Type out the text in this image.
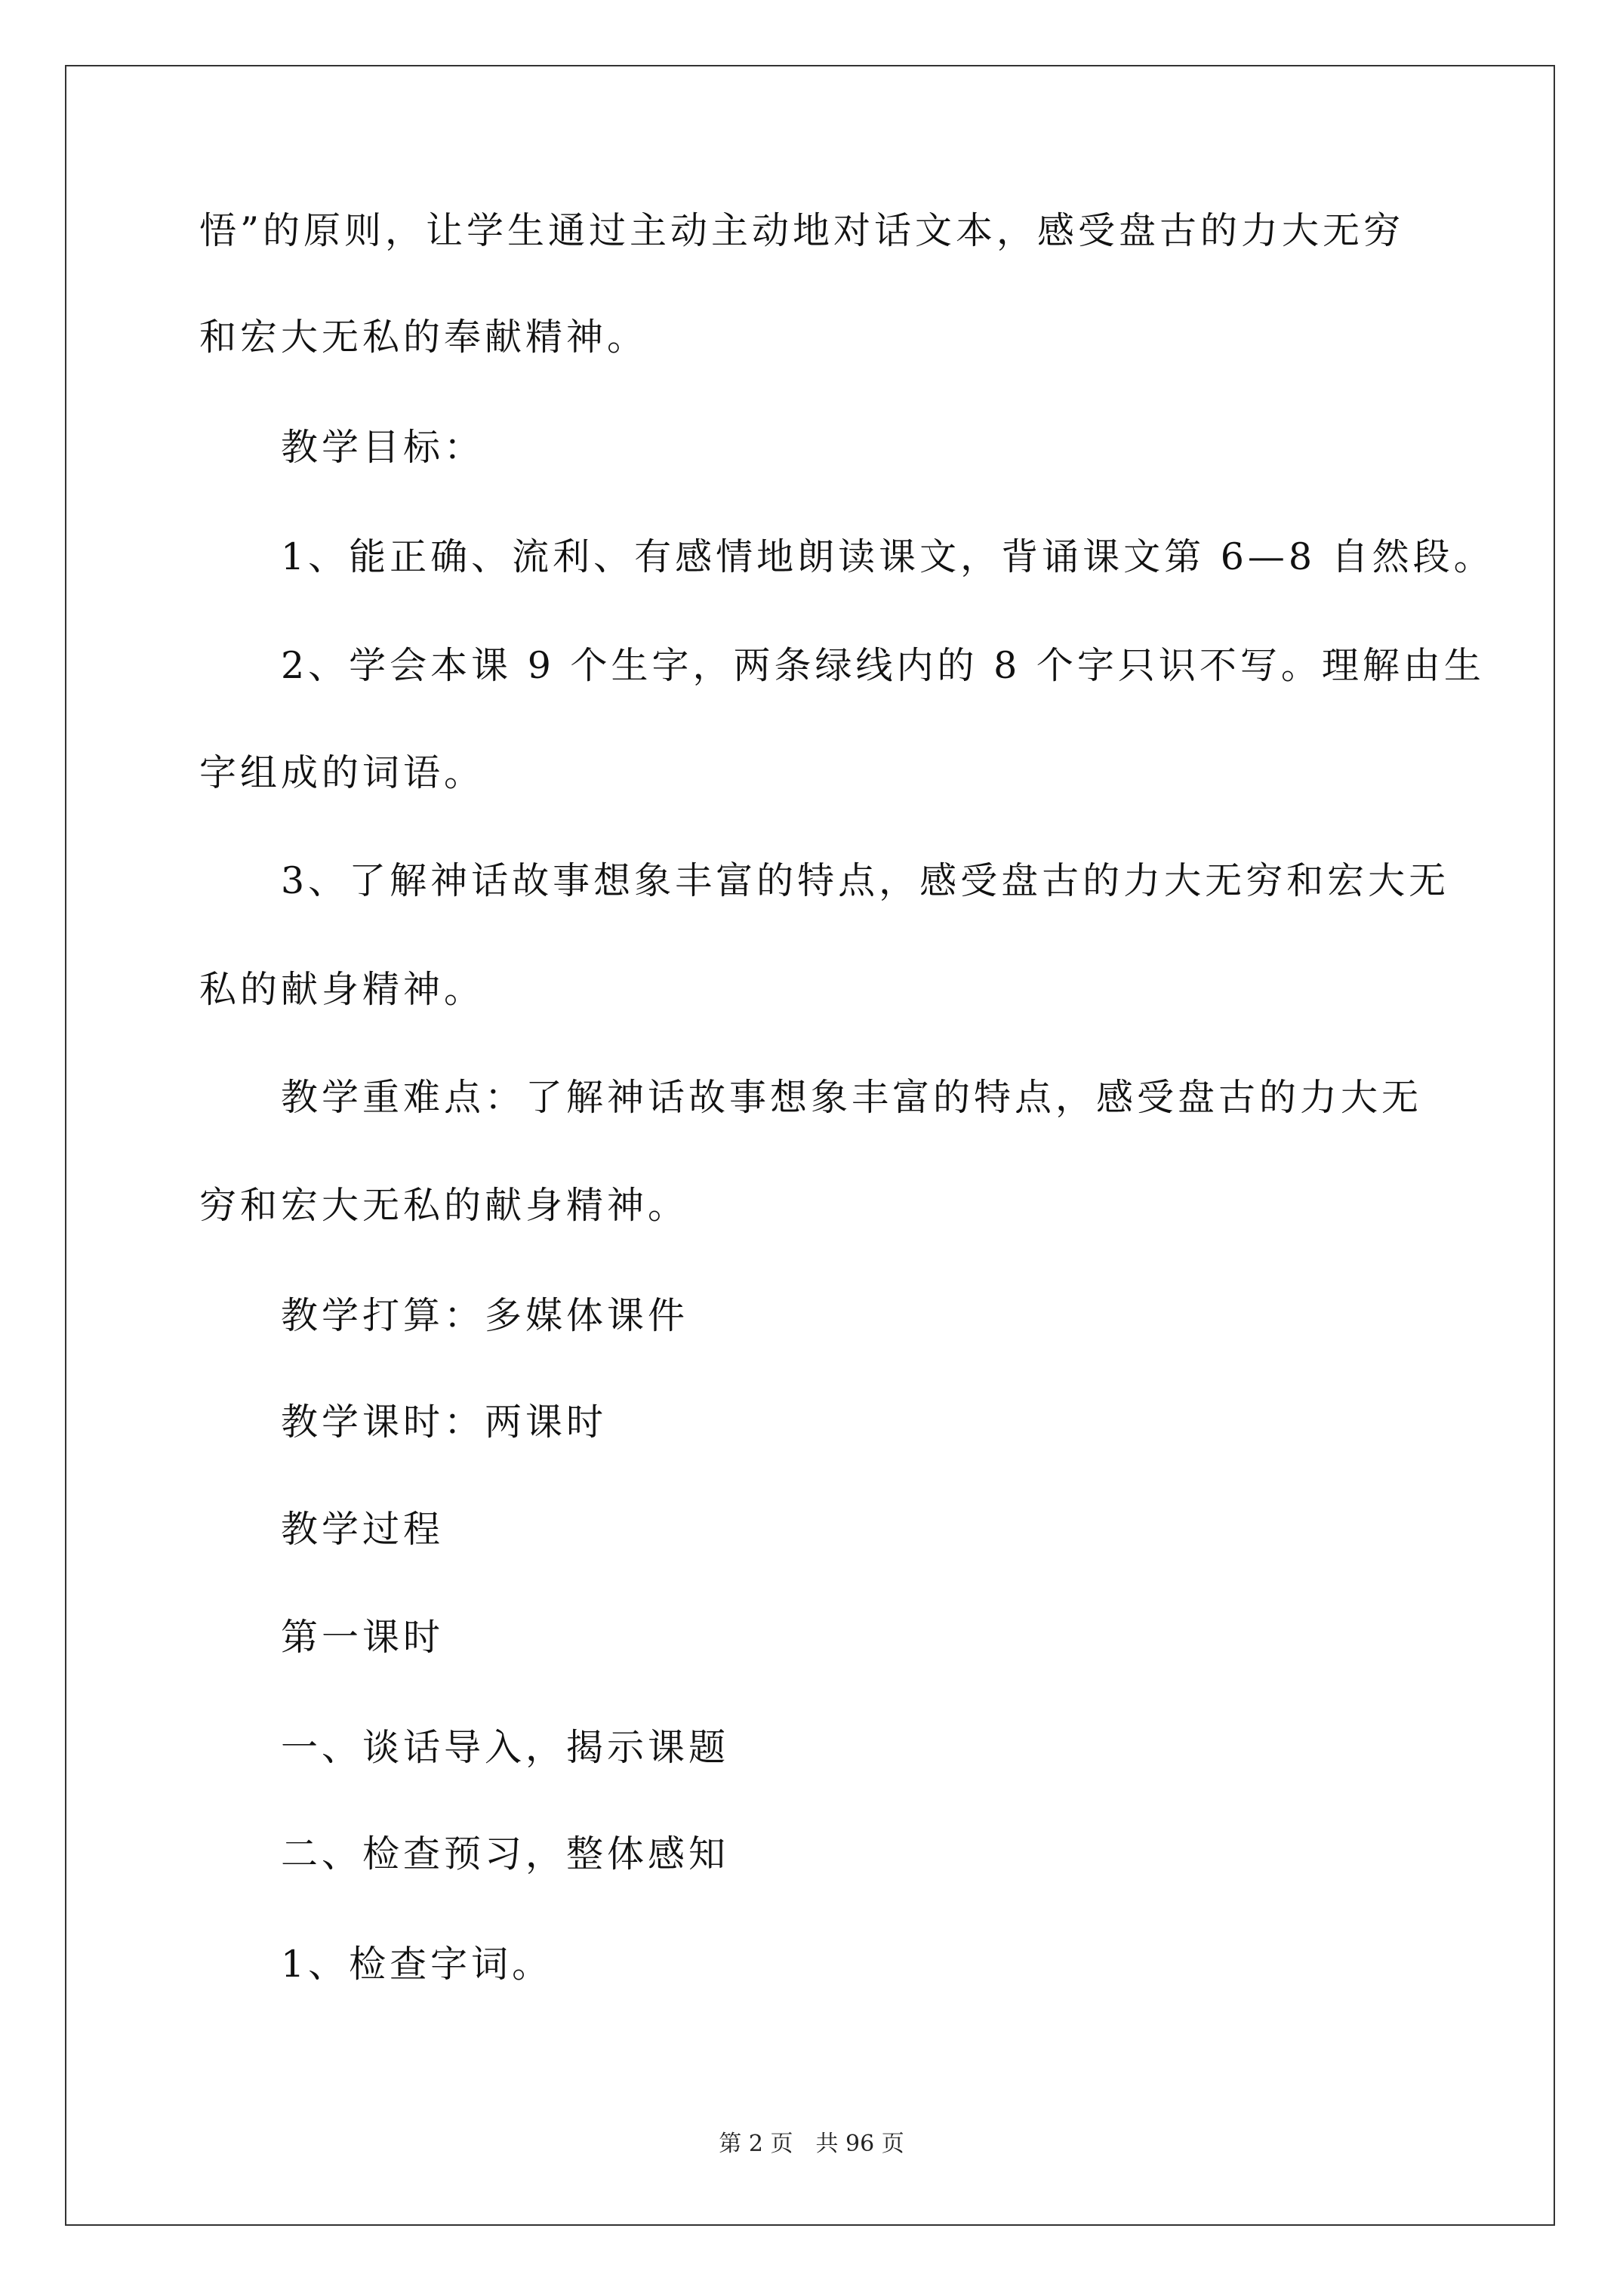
悟”的原则，让学生通过主动主动地对话文本，感受盘古的力大无穷
和宏大无私的奉献精神。
教学目标：
1、能正确、流利、有感情地朗读课文，背诵课文第 6—8 自然段。
2、学会本课 9 个生字，两条绿线内的 8 个字只识不写。理解由生
字组成的词语。
3、了解神话故事想象丰富的特点，感受盘古的力大无穷和宏大无
私的献身精神。
教学重难点：了解神话故事想象丰富的特点，感受盘古的力大无
穷和宏大无私的献身精神。
教学打算：多媒体课件
教学课时：两课时
教学过程
第一课时
一、谈话导入，揭示课题
二、检查预习，整体感知
1、检查字词。
第 2 页 共 96 页
